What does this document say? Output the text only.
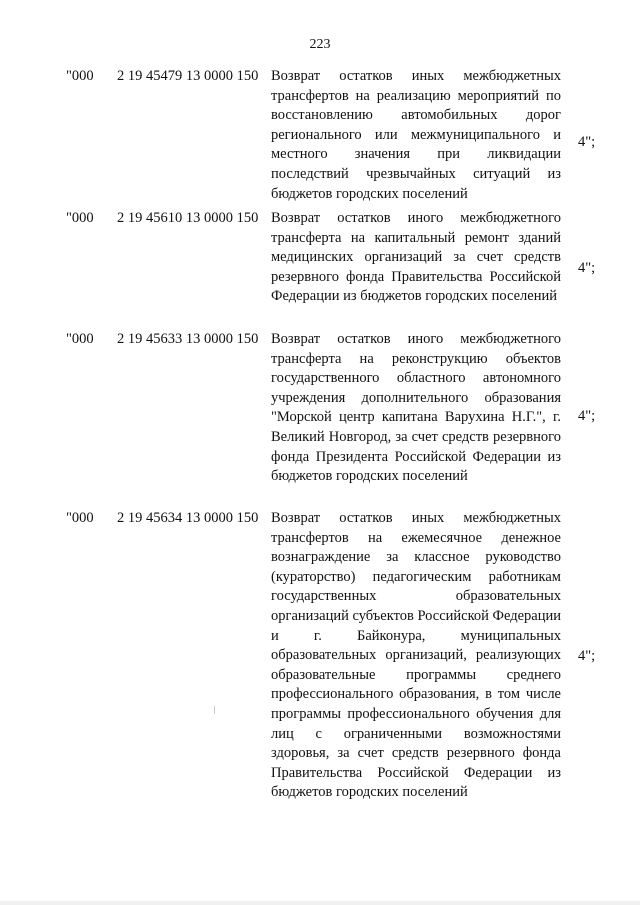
223
"000 2 19 45479 13 0000 150 Возврат остатков иных межбюджетных трансфертов на реализацию мероприятий по восстановлению автомобильных дорог регионального или межмуниципального и местного значения при ликвидации последствий чрезвычайных ситуаций из бюджетов городских поселений
4";
"000 2 19 45610 13 0000 150 Возврат остатков иного межбюджетного трансферта на капитальный ремонт зданий медицинских организаций за счет средств резервного фонда Правительства Российской Федерации из бюджетов городских поселений
4";
"000 2 19 45633 13 0000 150 Возврат остатков иного межбюджетного трансферта на реконструкцию объектов государственного областного автономного учреждения дополнительного образования "Морской центр капитана Варухина Н.Г.", г. Великий Новгород, за счет средств резервного фонда Президента Российской Федерации из бюджетов городских поселений
4";
"000 2 19 45634 13 0000 150 Возврат остатков иных межбюджетных трансфертов на ежемесячное денежное вознаграждение за классное руководство (кураторство) педагогическим работникам государственных образовательных организаций субъектов Российской Федерации и г. Байконура, муниципальных образовательных организаций, реализующих образовательные программы среднего профессионального образования, в том числе программы профессионального обучения для лиц с ограниченными возможностями здоровья, за счет средств резервного фонда Правительства Российской Федерации из бюджетов городских поселений
4";
